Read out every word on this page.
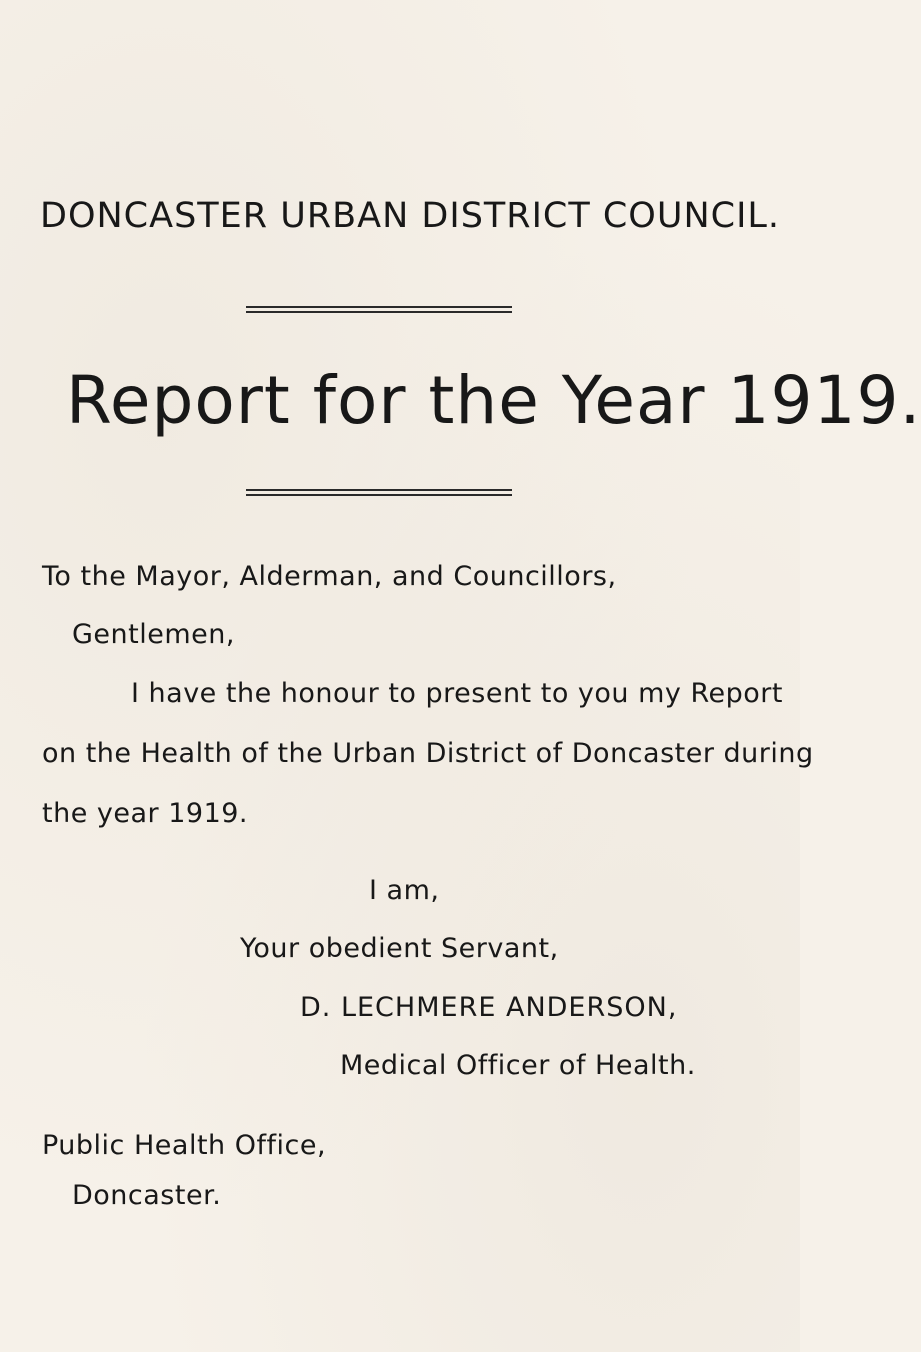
DONCASTER URBAN DISTRICT COUNCIL.
Report for the Year 1919.
To the Mayor, Alderman, and Councillors,
Gentlemen,
I have the honour to present to you my Report
on the Health of the Urban District of Doncaster during
the year 1919.
I am,
Your obedient Servant,
D. LECHMERE ANDERSON,
Medical Officer of Health.
Public Health Office,
Doncaster.
